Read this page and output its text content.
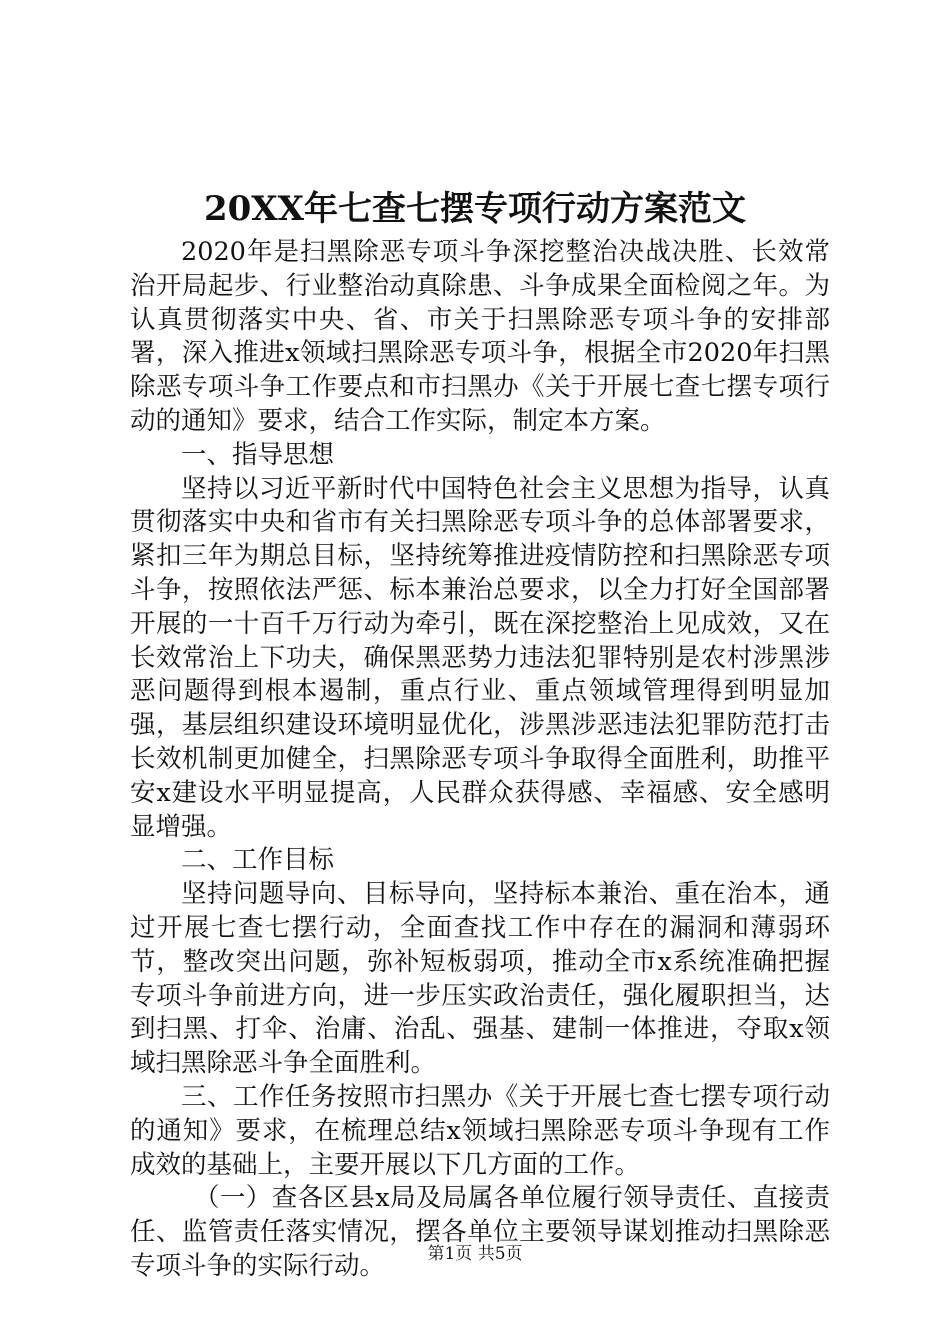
20XX年七查七摆专项行动方案范文

2020年是扫黑除恶专项斗争深挖整治决战决胜、长效常治开局起步、行业整治动真除患、斗争成果全面检阅之年。为认真贯彻落实中央、省、市关于扫黑除恶专项斗争的安排部署，深入推进x领域扫黑除恶专项斗争，根据全市2020年扫黑除恶专项斗争工作要点和市扫黑办《关于开展七查七摆专项行动的通知》要求，结合工作实际，制定本方案。

一、指导思想

坚持以习近平新时代中国特色社会主义思想为指导，认真贯彻落实中央和省市有关扫黑除恶专项斗争的总体部署要求，紧扣三年为期总目标，坚持统筹推进疫情防控和扫黑除恶专项斗争，按照依法严惩、标本兼治总要求，以全力打好全国部署开展的一十百千万行动为牵引，既在深挖整治上见成效，又在长效常治上下功夫，确保黑恶势力违法犯罪特别是农村涉黑涉恶问题得到根本遏制，重点行业、重点领域管理得到明显加强，基层组织建设环境明显优化，涉黑涉恶违法犯罪防范打击长效机制更加健全，扫黑除恶专项斗争取得全面胜利，助推平安x建设水平明显提高，人民群众获得感、幸福感、安全感明显增强。

二、工作目标

坚持问题导向、目标导向，坚持标本兼治、重在治本，通过开展七查七摆行动，全面查找工作中存在的漏洞和薄弱环节，整改突出问题，弥补短板弱项，推动全市x系统准确把握专项斗争前进方向，进一步压实政治责任，强化履职担当，达到扫黑、打伞、治庸、治乱、强基、建制一体推进，夺取x领域扫黑除恶斗争全面胜利。

三、工作任务按照市扫黑办《关于开展七查七摆专项行动的通知》要求，在梳理总结x领域扫黑除恶专项斗争现有工作成效的基础上，主要开展以下几方面的工作。

（一）查各区县x局及局属各单位履行领导责任、直接责任、监管责任落实情况，摆各单位主要领导谋划推动扫黑除恶专项斗争的实际行动。	第1页 共5页
